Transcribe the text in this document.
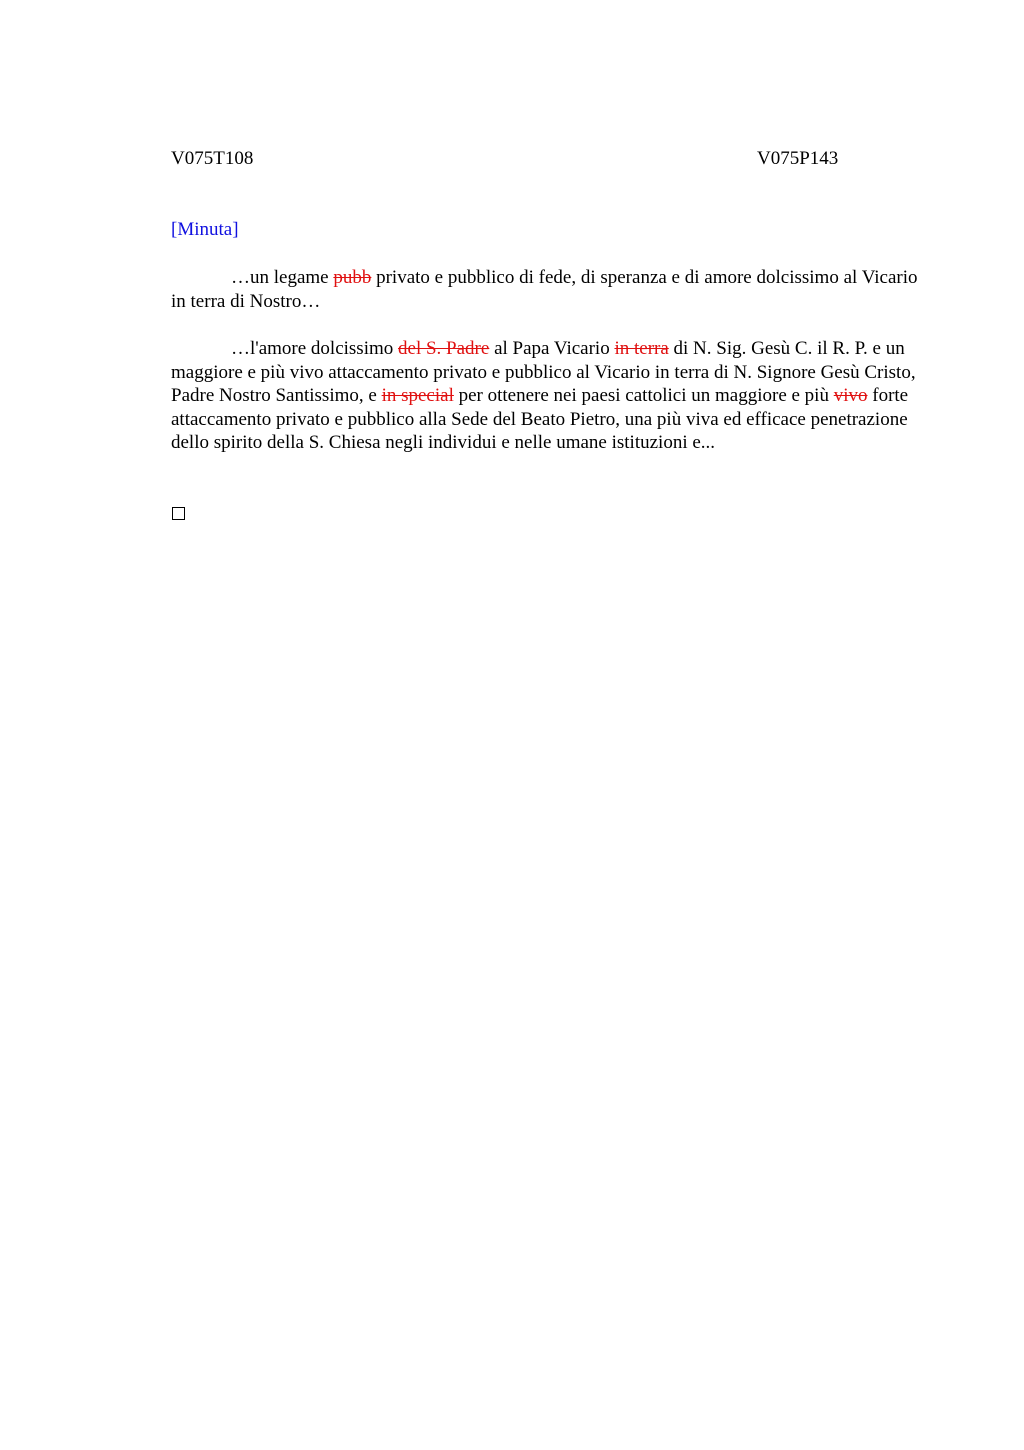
V075T108	V075P143
[Minuta]

…un legame pubb privato e pubblico di fede, di speranza e di amore dolcissimo al Vicario in terra di Nostro…

…l'amore dolcissimo del S. Padre al Papa Vicario in terra di N. Sig. Gesù C. il R. P. e un maggiore e più vivo attaccamento privato e pubblico al Vicario in terra di N. Signore Gesù Cristo, Padre Nostro Santissimo, e in special per ottenere nei paesi cattolici un maggiore e più vivo forte attaccamento privato e pubblico alla Sede del Beato Pietro, una più viva ed efficace penetrazione dello spirito della S. Chiesa negli individui e nelle umane istituzioni e...
